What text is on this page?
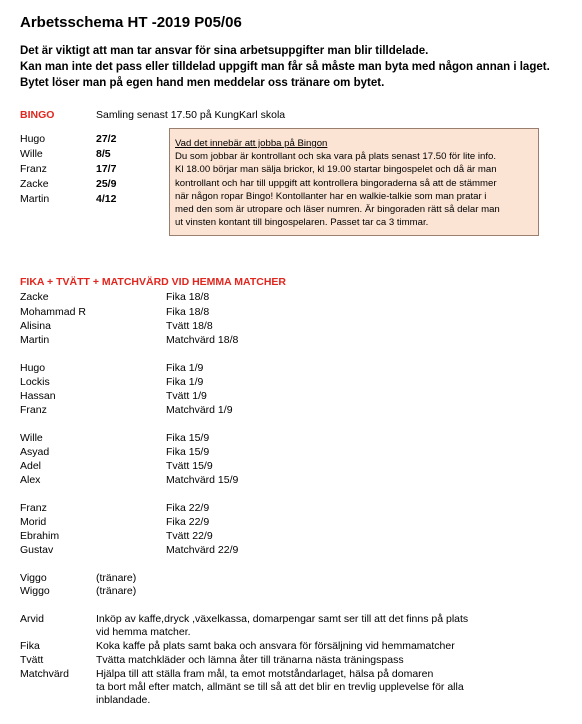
Arbetsschema HT -2019 P05/06
Det är viktigt att man tar ansvar för sina arbetsuppgifter man blir tilldelade.
Kan man inte det pass eller tilldelad uppgift man får så måste man byta med någon annan i laget.
Bytet löser man på egen hand men meddelar oss tränare om bytet.
BINGO	Samling senast 17.50 på KungKarl skola
Hugo	27/2
Wille	8/5
Franz	17/7
Zacke	25/9
Martin	4/12
Vad det innebär att jobba på Bingon
Du som jobbar är kontrollant och ska vara på plats senast 17.50 för lite info.
Kl 18.00 börjar man sälja brickor, kl 19.00 startar bingospelet och då är man
kontrollant och har till uppgift att kontrollera bingoraderna så att de stämmer
när någon ropar Bingo! Kontollanter har en walkie-talkie som man pratar i
med den som är utropare och läser numren. Är bingoraden rätt så delar man
ut vinsten kontant till bingospelaren. Passet tar ca 3 timmar.
FIKA + TVÄTT + MATCHVÄRD VID HEMMA MATCHER
Zacke	Fika 18/8
Mohammad R	Fika 18/8
Alisina	Tvätt 18/8
Martin	Matchvärd 18/8
Hugo	Fika 1/9
Lockis	Fika 1/9
Hassan	Tvätt 1/9
Franz	Matchvärd 1/9
Wille	Fika 15/9
Asyad	Fika 15/9
Adel	Tvätt 15/9
Alex	Matchvärd 15/9
Franz	Fika 22/9
Morid	Fika 22/9
Ebrahim	Tvätt 22/9
Gustav	Matchvärd 22/9
Viggo	(tränare)
Wiggo	(tränare)
Arvid	Inköp av kaffe,dryck ,växelkassa, domarpengar samt ser till att det finns på plats
vid hemma matcher.
Fika	Koka kaffe på plats samt baka och ansvara för försäljning vid hemmamatcher
Tvätt	Tvätta matchkläder och lämna åter till tränarna nästa träningspass
Matchvärd	Hjälpa till att ställa fram mål, ta emot motståndarlaget, hälsa på domaren
ta bort mål efter match, allmänt se till så att det blir en trevlig upplevelse för alla
inblandade.
